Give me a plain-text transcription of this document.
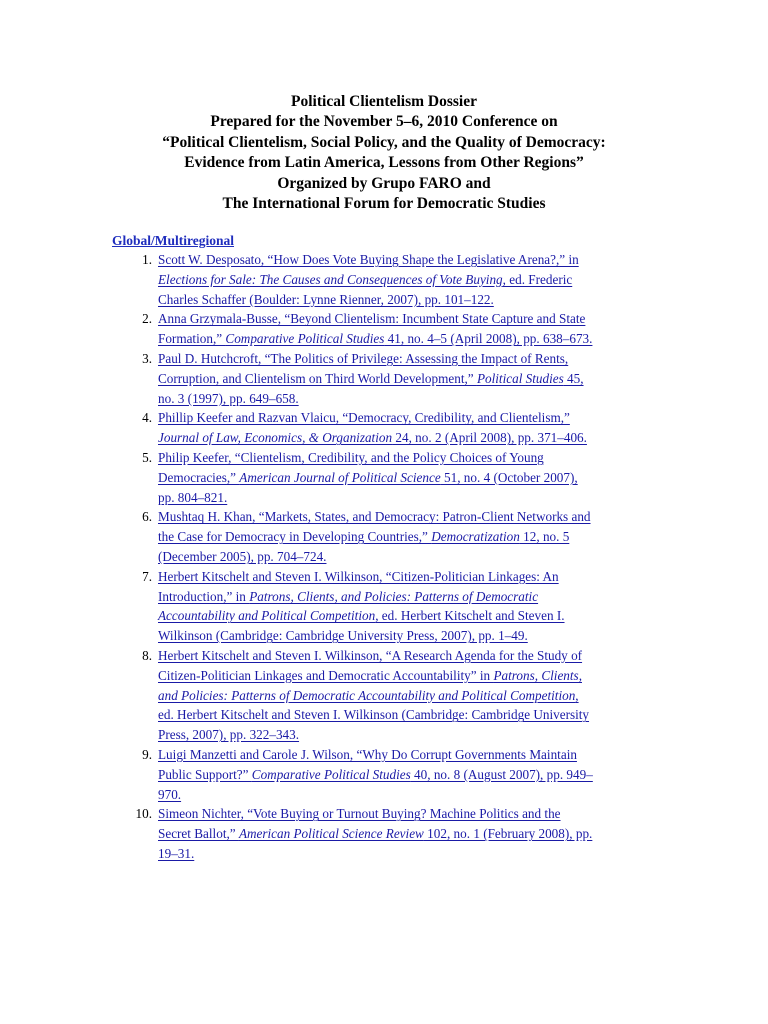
Political Clientelism Dossier
Prepared for the November 5–6, 2010 Conference on
“Political Clientelism, Social Policy, and the Quality of Democracy:
Evidence from Latin America, Lessons from Other Regions”
Organized by Grupo FARO and
The International Forum for Democratic Studies
Global/Multiregional
1. Scott W. Desposato, “How Does Vote Buying Shape the Legislative Arena?,” in
Elections for Sale: The Causes and Consequences of Vote Buying, ed. Frederic
Charles Schaffer (Boulder: Lynne Rienner, 2007), pp. 101–122.
2. Anna Grzymala-Busse, “Beyond Clientelism: Incumbent State Capture and State
Formation,” Comparative Political Studies 41, no. 4–5 (April 2008), pp. 638–673.
3. Paul D. Hutchcroft, “The Politics of Privilege: Assessing the Impact of Rents,
Corruption, and Clientelism on Third World Development,” Political Studies 45,
no. 3 (1997), pp. 649–658.
4. Phillip Keefer and Razvan Vlaicu, “Democracy, Credibility, and Clientelism,”
Journal of Law, Economics, & Organization 24, no. 2 (April 2008), pp. 371–406.
5. Philip Keefer, “Clientelism, Credibility, and the Policy Choices of Young
Democracies,” American Journal of Political Science 51, no. 4 (October 2007),
pp. 804–821.
6. Mushtaq H. Khan, “Markets, States, and Democracy: Patron-Client Networks and
the Case for Democracy in Developing Countries,” Democratization 12, no. 5
(December 2005), pp. 704–724.
7. Herbert Kitschelt and Steven I. Wilkinson, “Citizen-Politician Linkages: An
Introduction,” in Patrons, Clients, and Policies: Patterns of Democratic
Accountability and Political Competition, ed. Herbert Kitschelt and Steven I.
Wilkinson (Cambridge: Cambridge University Press, 2007), pp. 1–49.
8. Herbert Kitschelt and Steven I. Wilkinson, “A Research Agenda for the Study of
Citizen-Politician Linkages and Democratic Accountability” in Patrons, Clients,
and Policies: Patterns of Democratic Accountability and Political Competition,
ed. Herbert Kitschelt and Steven I. Wilkinson (Cambridge: Cambridge University
Press, 2007), pp. 322–343.
9. Luigi Manzetti and Carole J. Wilson, “Why Do Corrupt Governments Maintain
Public Support?” Comparative Political Studies 40, no. 8 (August 2007), pp. 949–
970.
10. Simeon Nichter, “Vote Buying or Turnout Buying? Machine Politics and the
Secret Ballot,” American Political Science Review 102, no. 1 (February 2008), pp.
19–31.
